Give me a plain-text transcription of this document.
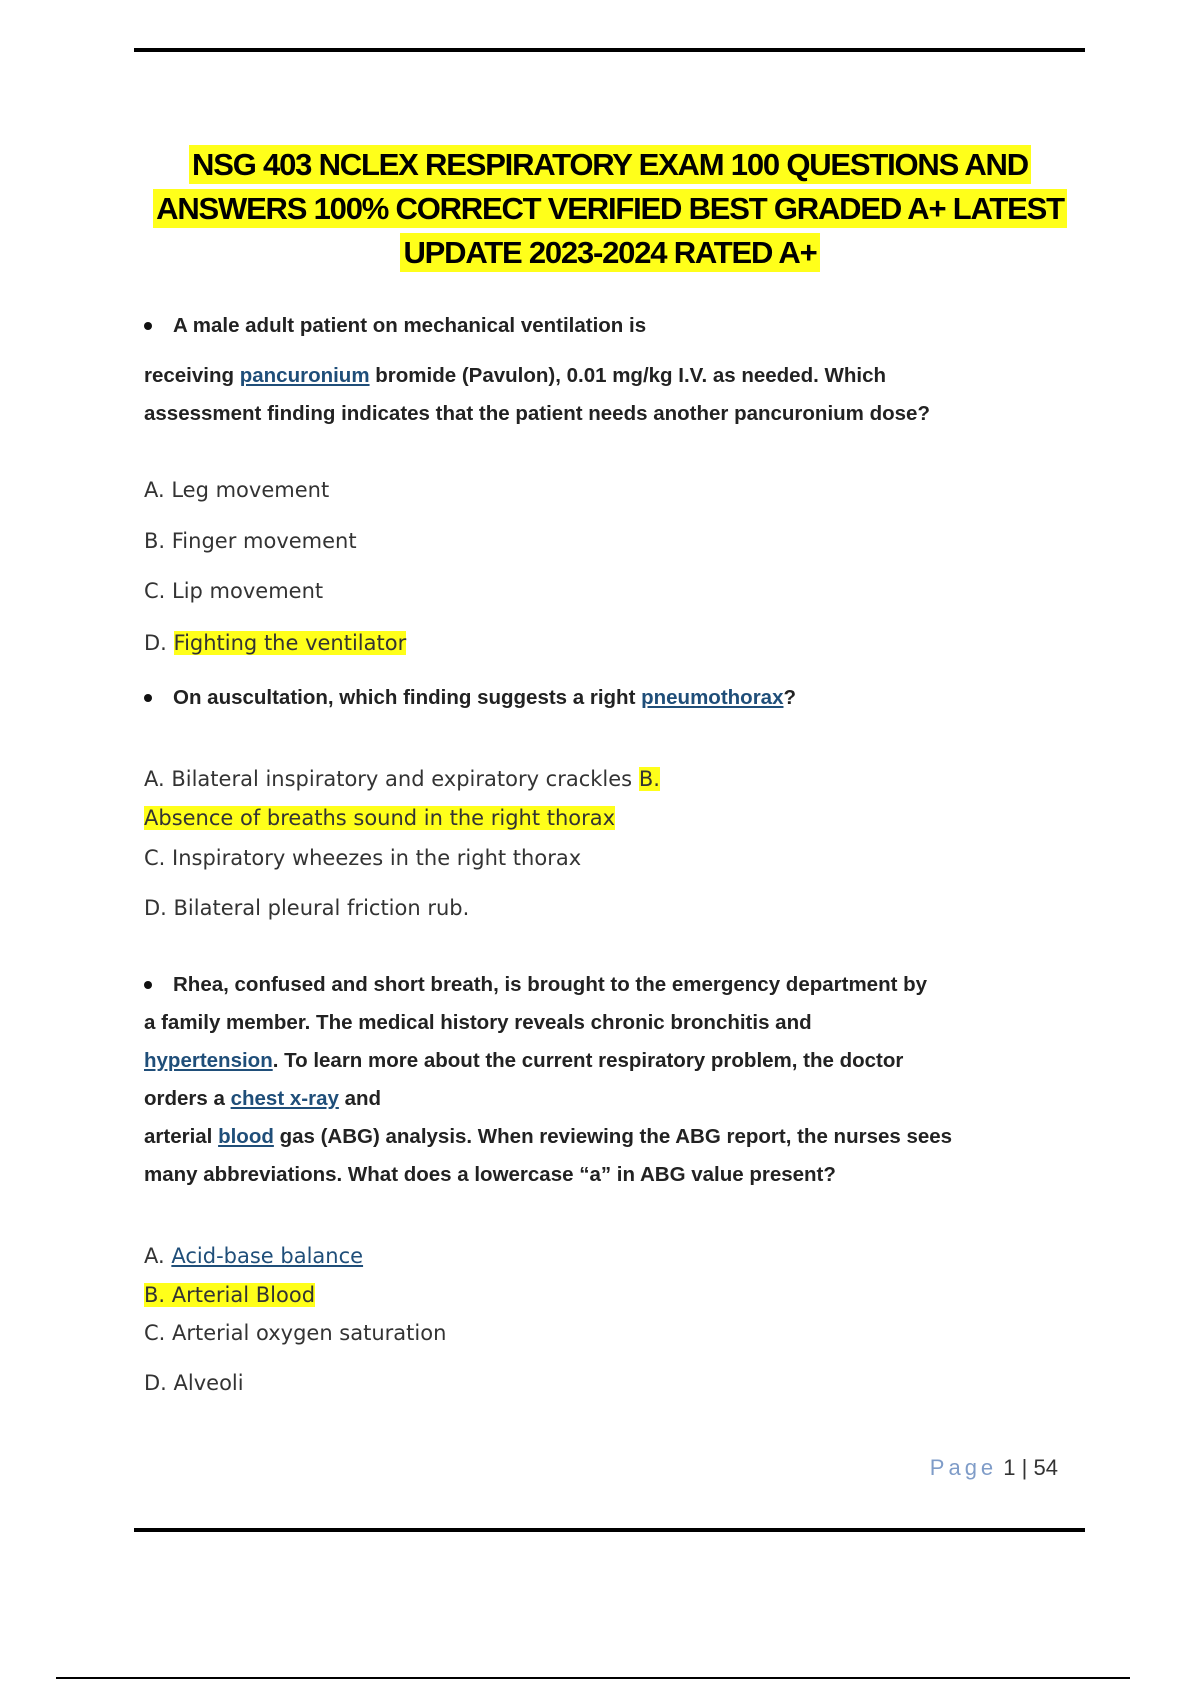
NSG 403 NCLEX RESPIRATORY EXAM 100 QUESTIONS AND
ANSWERS 100% CORRECT VERIFIED BEST GRADED A+ LATEST
UPDATE 2023-2024 RATED A+
A male adult patient on mechanical ventilation is
receiving pancuronium bromide (Pavulon), 0.01 mg/kg I.V. as needed. Which
assessment finding indicates that the patient needs another pancuronium dose?
A. Leg movement
B. Finger movement
C. Lip movement
D. Fighting the ventilator
On auscultation, which finding suggests a right pneumothorax?
A. Bilateral inspiratory and expiratory crackles B.
Absence of breaths sound in the right thorax
C. Inspiratory wheezes in the right thorax
D. Bilateral pleural friction rub.
Rhea, confused and short breath, is brought to the emergency department by
a family member. The medical history reveals chronic bronchitis and
hypertension. To learn more about the current respiratory problem, the doctor
orders a chest x-ray and
arterial blood gas (ABG) analysis. When reviewing the ABG report, the nurses sees
many abbreviations. What does a lowercase “a” in ABG value present?
A. Acid-base balance
B. Arterial Blood
C. Arterial oxygen saturation
D. Alveoli
Page 1 | 54
